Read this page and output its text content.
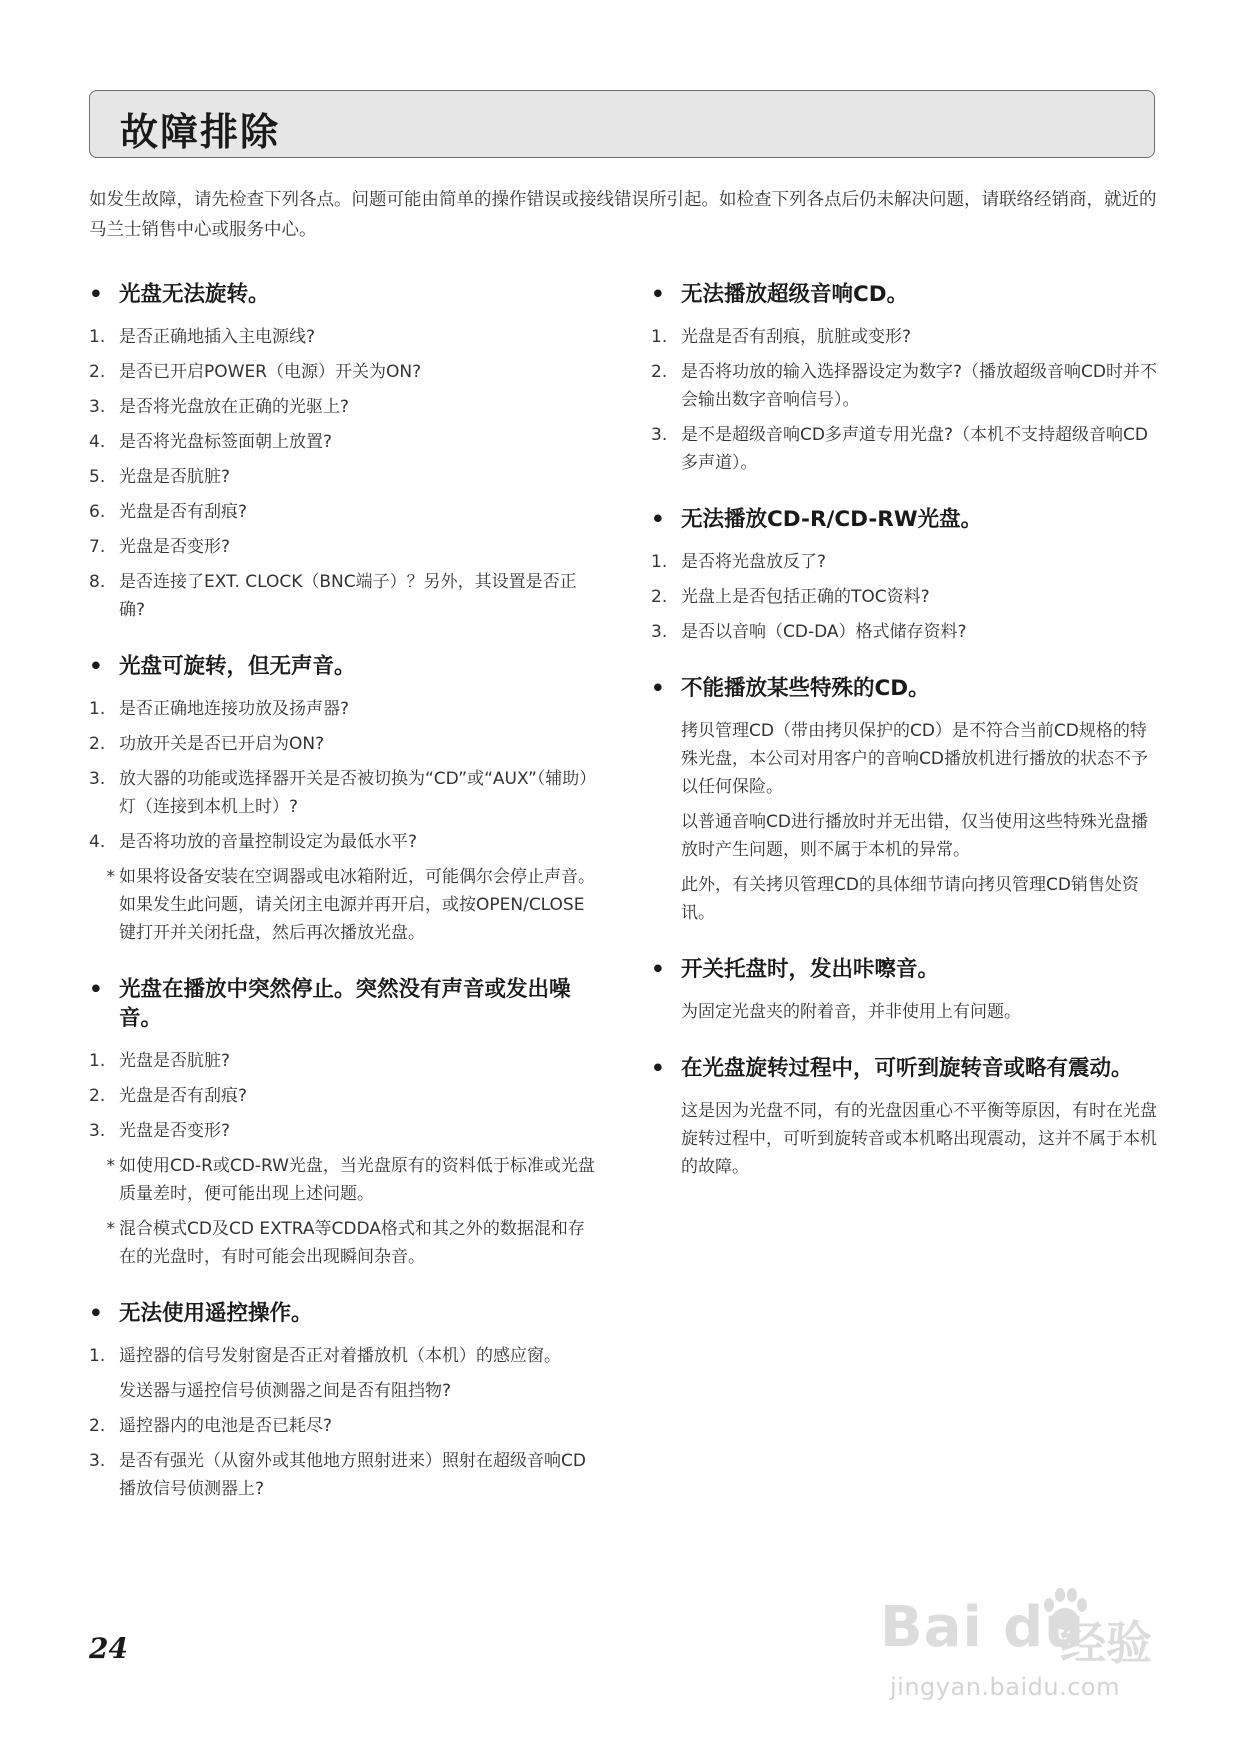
故障排除
如发生故障，请先检查下列各点。问题可能由简单的操作错误或接线错误所引起。如检查下列各点后仍未解决问题，请联络经销商，就近的马兰士销售中心或服务中心。
• 光盘无法旋转。
1. 是否正确地插入主电源线?
2. 是否已开启POWER（电源）开关为ON?
3. 是否将光盘放在正确的光驱上?
4. 是否将光盘标签面朝上放置?
5. 光盘是否肮脏?
6. 光盘是否有刮痕?
7. 光盘是否变形?
8. 是否连接了EXT. CLOCK（BNC端子）？另外，其设置是否正确?
• 光盘可旋转，但无声音。
1. 是否正确地连接功放及扬声器?
2. 功放开关是否已开启为ON?
3. 放大器的功能或选择器开关是否被切换为“CD”或“AUX”（辅助）灯（连接到本机上时）?
4. 是否将功放的音量控制设定为最低水平?
* 如果将设备安装在空调器或电冰箱附近，可能偶尔会停止声音。如果发生此问题，请关闭主电源并再开启，或按OPEN/CLOSE键打开并关闭托盘，然后再次播放光盘。
• 光盘在播放中突然停止。突然没有声音或发出噪音。
1. 光盘是否肮脏?
2. 光盘是否有刮痕?
3. 光盘是否变形?
* 如使用CD-R或CD-RW光盘，当光盘原有的资料低于标准或光盘质量差时，便可能出现上述问题。
* 混合模式CD及CD EXTRA等CDDA格式和其之外的数据混和存在的光盘时，有时可能会出现瞬间杂音。
• 无法使用遥控操作。
1. 遥控器的信号发射窗是否正对着播放机（本机）的感应窗。
发送器与遥控信号侦测器之间是否有阻挡物?
2. 遥控器内的电池是否已耗尽?
3. 是否有强光（从窗外或其他地方照射进来）照射在超级音响CD播放信号侦测器上?
• 无法播放超级音响CD。
1. 光盘是否有刮痕，肮脏或变形?
2. 是否将功放的输入选择器设定为数字?（播放超级音响CD时并不会输出数字音响信号）。
3. 是不是超级音响CD多声道专用光盘?（本机不支持超级音响CD多声道）。
• 无法播放CD-R/CD-RW光盘。
1. 是否将光盘放反了?
2. 光盘上是否包括正确的TOC资料?
3. 是否以音响（CD-DA）格式储存资料?
• 不能播放某些特殊的CD。
拷贝管理CD（带由拷贝保护的CD）是不符合当前CD规格的特殊光盘，本公司对用客户的音响CD播放机进行播放的状态不予以任何保险。
以普通音响CD进行播放时并无出错，仅当使用这些特殊光盘播放时产生问题，则不属于本机的异常。
此外，有关拷贝管理CD的具体细节请向拷贝管理CD销售处资讯。
• 开关托盘时，发出咔嚓音。
为固定光盘夹的附着音，并非使用上有问题。
• 在光盘旋转过程中，可听到旋转音或略有震动。
这是因为光盘不同，有的光盘因重心不平衡等原因，有时在光盘旋转过程中，可听到旋转音或本机略出现震动，这并不属于本机的故障。
24	Bai du
经验
jingyan.baidu.com
